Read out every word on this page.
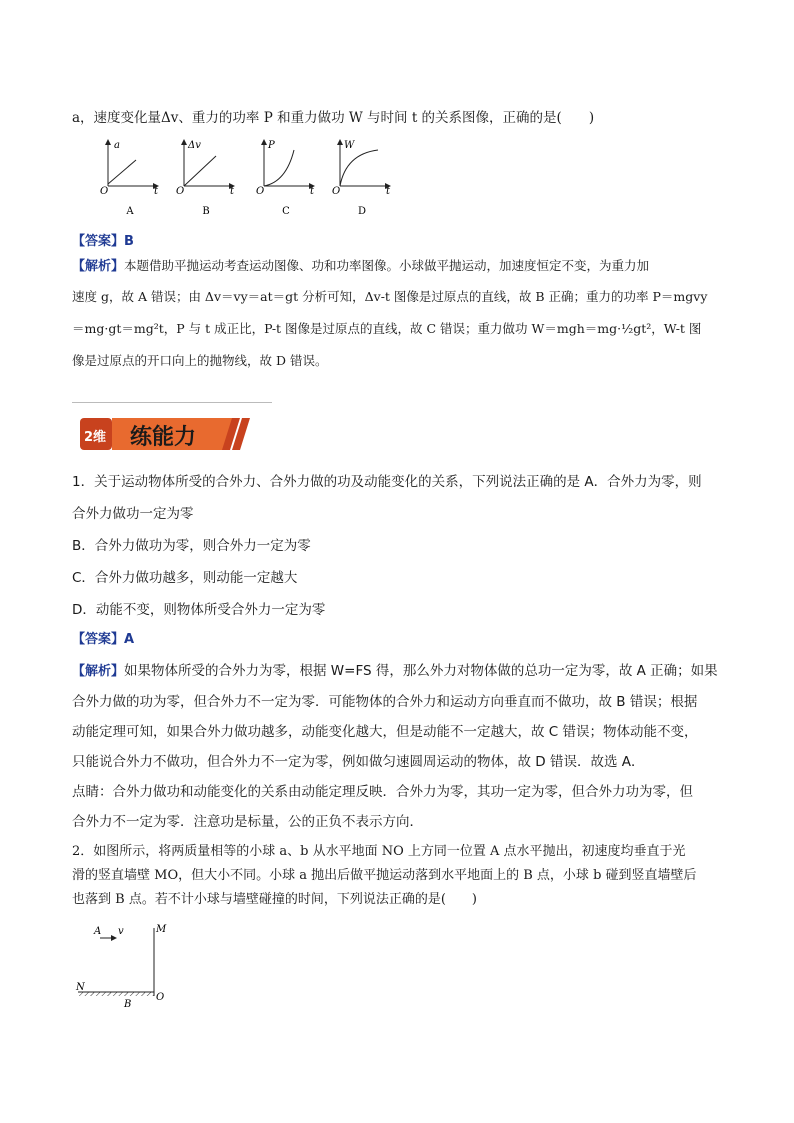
a，速度变化量Δv、重力的功率 P 和重力做功 W 与时间 t 的关系图像，正确的是(　　)
a
O	t
A
Δv
O	t
B
P
O	t
C
W
O	t
D
【答案】B
【解析】本题借助平抛运动考查运动图像、功和功率图像。小球做平抛运动，加速度恒定不变，为重力加
速度 g，故 A 错误；由 Δv＝vy＝at＝gt 分析可知，Δv-t 图像是过原点的直线，故 B 正确；重力的功率 P＝mgvy
＝mg·gt＝mg²t，P 与 t 成正比，P-t 图像是过原点的直线，故 C 错误；重力做功 W＝mgh＝mg·½gt²，W-t 图
像是过原点的开口向上的抛物线，故 D 错误。
2维 练能力
1．关于运动物体所受的合外力、合外力做的功及动能变化的关系，下列说法正确的是 A．合外力为零，则
合外力做功一定为零
B．合外力做功为零，则合外力一定为零
C．合外力做功越多，则动能一定越大
D．动能不变，则物体所受合外力一定为零
【答案】A
【解析】如果物体所受的合外力为零，根据 W=FS 得，那么外力对物体做的总功一定为零，故 A 正确；如果
合外力做的功为零，但合外力不一定为零．可能物体的合外力和运动方向垂直而不做功，故 B 错误；根据
动能定理可知，如果合外力做功越多，动能变化越大，但是动能不一定越大，故 C 错误；物体动能不变，
只能说合外力不做功，但合外力不一定为零，例如做匀速圆周运动的物体，故 D 错误．故选 A．
点睛：合外力做功和动能变化的关系由动能定理反映．合外力为零，其功一定为零，但合外力功为零，但
合外力不一定为零．注意功是标量，公的正负不表示方向．
2．如图所示，将两质量相等的小球 a、b 从水平地面 NO 上方同一位置 A 点水平抛出，初速度均垂直于光
滑的竖直墙壁 MO，但大小不同。小球 a 抛出后做平抛运动落到水平地面上的 B 点，小球 b 碰到竖直墙壁后
也落到 B 点。若不计小球与墙壁碰撞的时间，下列说法正确的是(　　)
A v	M
N
O
B
